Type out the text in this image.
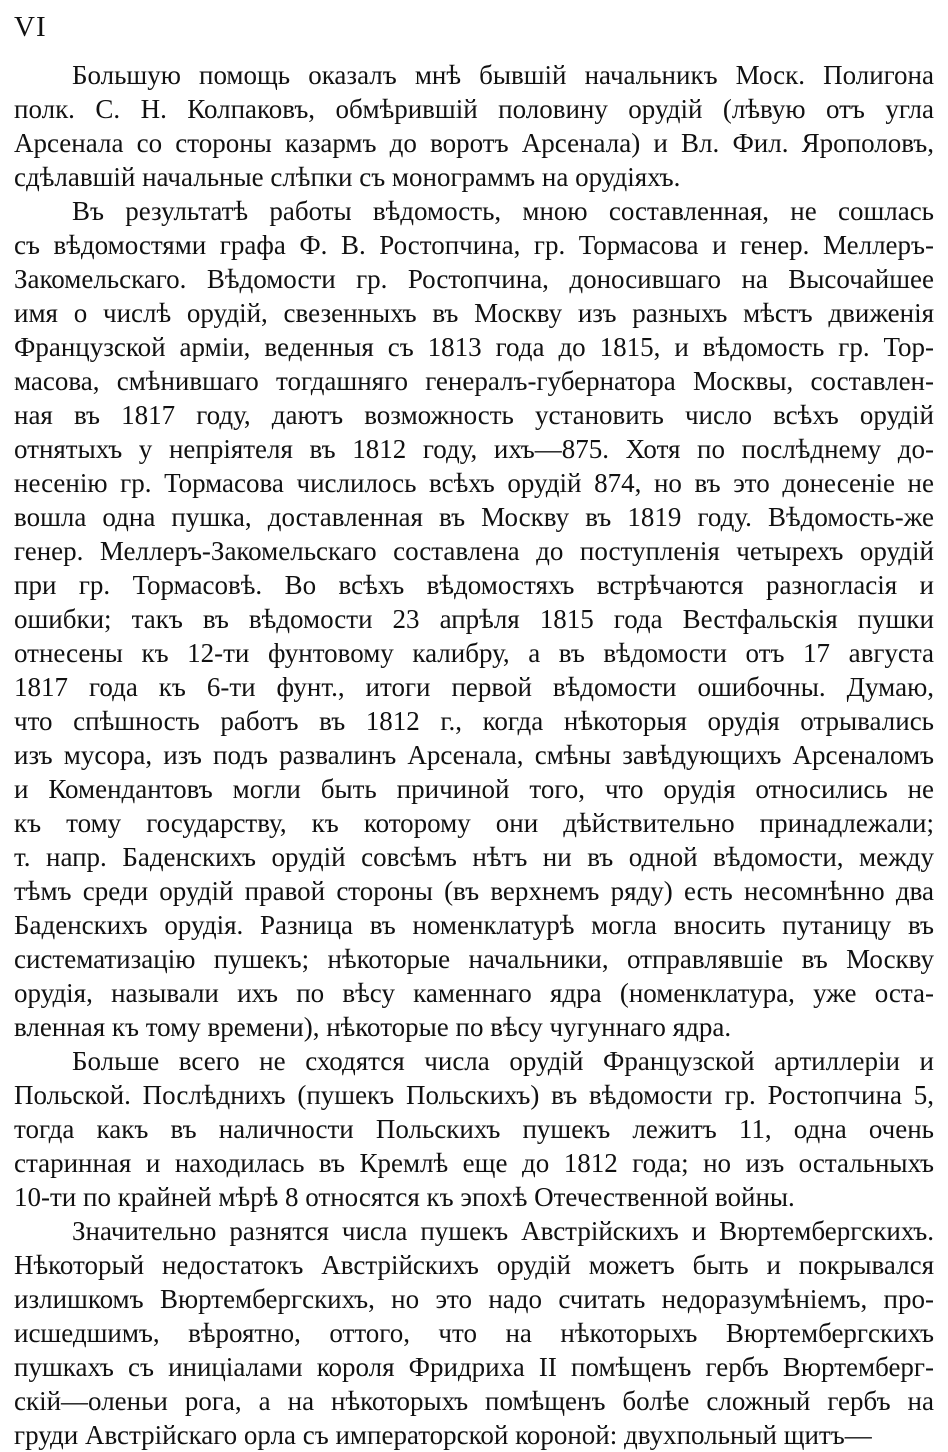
VI
Большую помощь оказалъ мнѣ бывшій начальникъ Моск. Полигона
полк. С. Н. Колпаковъ, обмѣрившій половину орудій (лѣвую отъ угла
Арсенала со стороны казармъ до воротъ Арсенала) и Вл. Фил. Ярополовъ,
сдѣлавшій начальные слѣпки съ монограммъ на орудіяхъ.
Въ результатѣ работы вѣдомость, мною составленная, не сошлась
съ вѣдомостями графа Ф. В. Ростопчина, гр. Тормасова и генер. Меллеръ-
Закомельскаго. Вѣдомости гр. Ростопчина, доносившаго на Высочайшее
имя о числѣ орудій, свезенныхъ въ Москву изъ разныхъ мѣстъ движенія
Французской арміи, веденныя съ 1813 года до 1815, и вѣдомость гр. Тор-
масова, смѣнившаго тогдашняго генералъ-губернатора Москвы, составлен-
ная въ 1817 году, даютъ возможность установить число всѣхъ орудій
отнятыхъ у непріятеля въ 1812 году, ихъ—875. Хотя по послѣднему до-
несенію гр. Тормасова числилось всѣхъ орудій 874, но въ это донесеніе не
вошла одна пушка, доставленная въ Москву въ 1819 году. Вѣдомость-же
генер. Меллеръ-Закомельскаго составлена до поступленія четырехъ орудій
при гр. Тормасовѣ. Во всѣхъ вѣдомостяхъ встрѣчаются разногласія и
ошибки; такъ въ вѣдомости 23 апрѣля 1815 года Вестфальскія пушки
отнесены къ 12-ти фунтовому калибру, а въ вѣдомости отъ 17 августа
1817 года къ 6-ти фунт., итоги первой вѣдомости ошибочны. Думаю,
что спѣшность работъ въ 1812 г., когда нѣкоторыя орудія отрывались
изъ мусора, изъ подъ развалинъ Арсенала, смѣны завѣдующихъ Арсеналомъ
и Комендантовъ могли быть причиной того, что орудія относились не
къ тому государству, къ которому они дѣйствительно принадлежали;
т. напр. Баденскихъ орудій совсѣмъ нѣтъ ни въ одной вѣдомости, между
тѣмъ среди орудій правой стороны (въ верхнемъ ряду) есть несомнѣнно два
Баденскихъ орудія. Разница въ номенклатурѣ могла вносить путаницу въ
систематизацію пушекъ; нѣкоторые начальники, отправлявшіе въ Москву
орудія, называли ихъ по вѣсу каменнаго ядра (номенклатура, уже оста-
вленная къ тому времени), нѣкоторые по вѣсу чугуннаго ядра.
Больше всего не сходятся числа орудій Французской артиллеріи и
Польской. Послѣднихъ (пушекъ Польскихъ) въ вѣдомости гр. Ростопчина 5,
тогда какъ въ наличности Польскихъ пушекъ лежитъ 11, одна очень
старинная и находилась въ Кремлѣ еще до 1812 года; но изъ остальныхъ
10-ти по крайней мѣрѣ 8 относятся къ эпохѣ Отечественной войны.
Значительно разнятся числа пушекъ Австрійскихъ и Вюртембергскихъ.
Нѣкоторый недостатокъ Австрійскихъ орудій можетъ быть и покрывался
излишкомъ Вюртембергскихъ, но это надо считать недоразумѣніемъ, про-
исшедшимъ, вѣроятно, оттого, что на нѣкоторыхъ Вюртембергскихъ
пушкахъ съ иниціалами короля Фридриха II помѣщенъ гербъ Вюртемберг-
скій—оленьи рога, а на нѣкоторыхъ помѣщенъ болѣе сложный гербъ на
груди Австрійскаго орла съ императорской короной: двухпольный щитъ—
